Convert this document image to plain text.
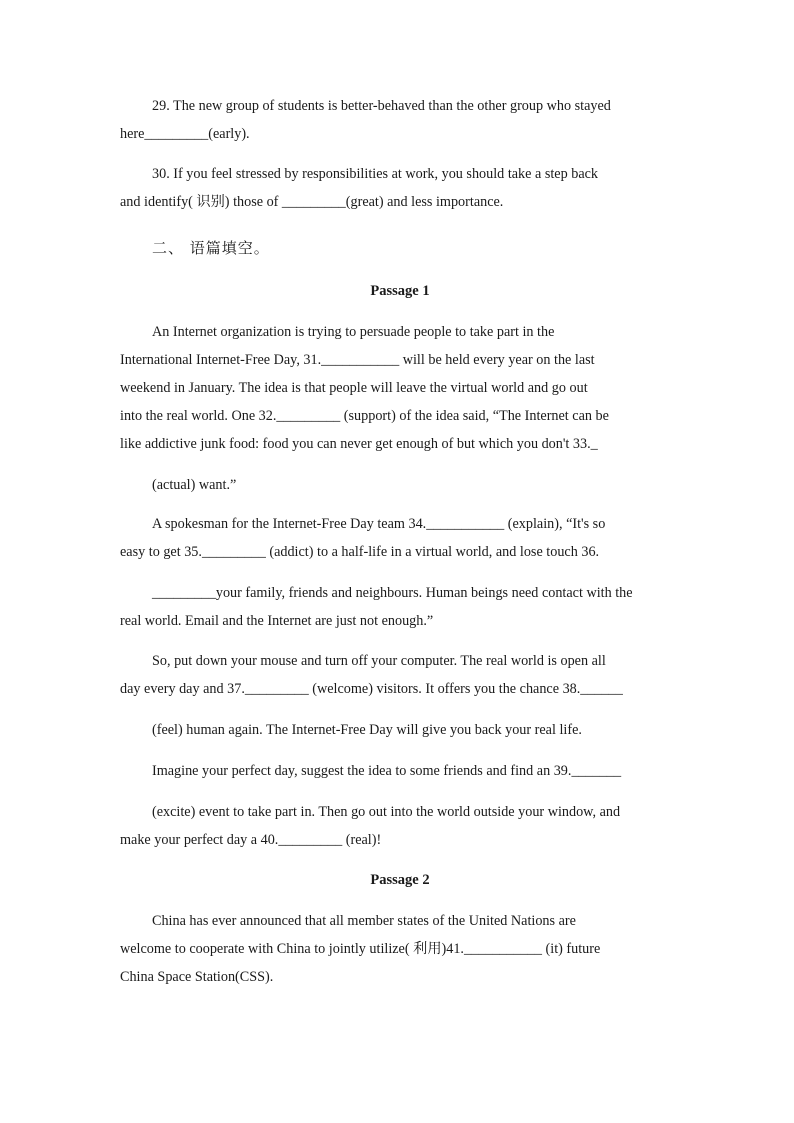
29. The new group of students is better-behaved than the other group who stayed
here_________(early).

30. If you feel stressed by responsibilities at work, you should take a step back
and identify( 识别) those of _________(great) and less importance.

二、 语篇填空。

Passage 1

An Internet organization is trying to persuade people to take part in the
International Internet-Free Day, 31.___________ will be held every year on the last
weekend in January. The idea is that people will leave the virtual world and go out
into the real world. One 32._________ (support) of the idea said, “The Internet can be
like addictive junk food: food you can never get enough of but which you don't 33._
(actual) want.”

A spokesman for the Internet-Free Day team 34.___________ (explain), “It's so
easy to get 35._________ (addict) to a half-life in a virtual world, and lose touch 36.
_________your family, friends and neighbours. Human beings need contact with the
real world. Email and the Internet are just not enough.”

So, put down your mouse and turn off your computer. The real world is open all
day every day and 37._________ (welcome) visitors. It offers you the chance 38.______
(feel) human again. The Internet-Free Day will give you back your real life.

Imagine your perfect day, suggest the idea to some friends and find an 39._______
(excite) event to take part in. Then go out into the world outside your window, and
make your perfect day a 40._________ (real)!

Passage 2

China has ever announced that all member states of the United Nations are
welcome to cooperate with China to jointly utilize( 利用)41.___________ (it) future
China Space Station(CSS).
